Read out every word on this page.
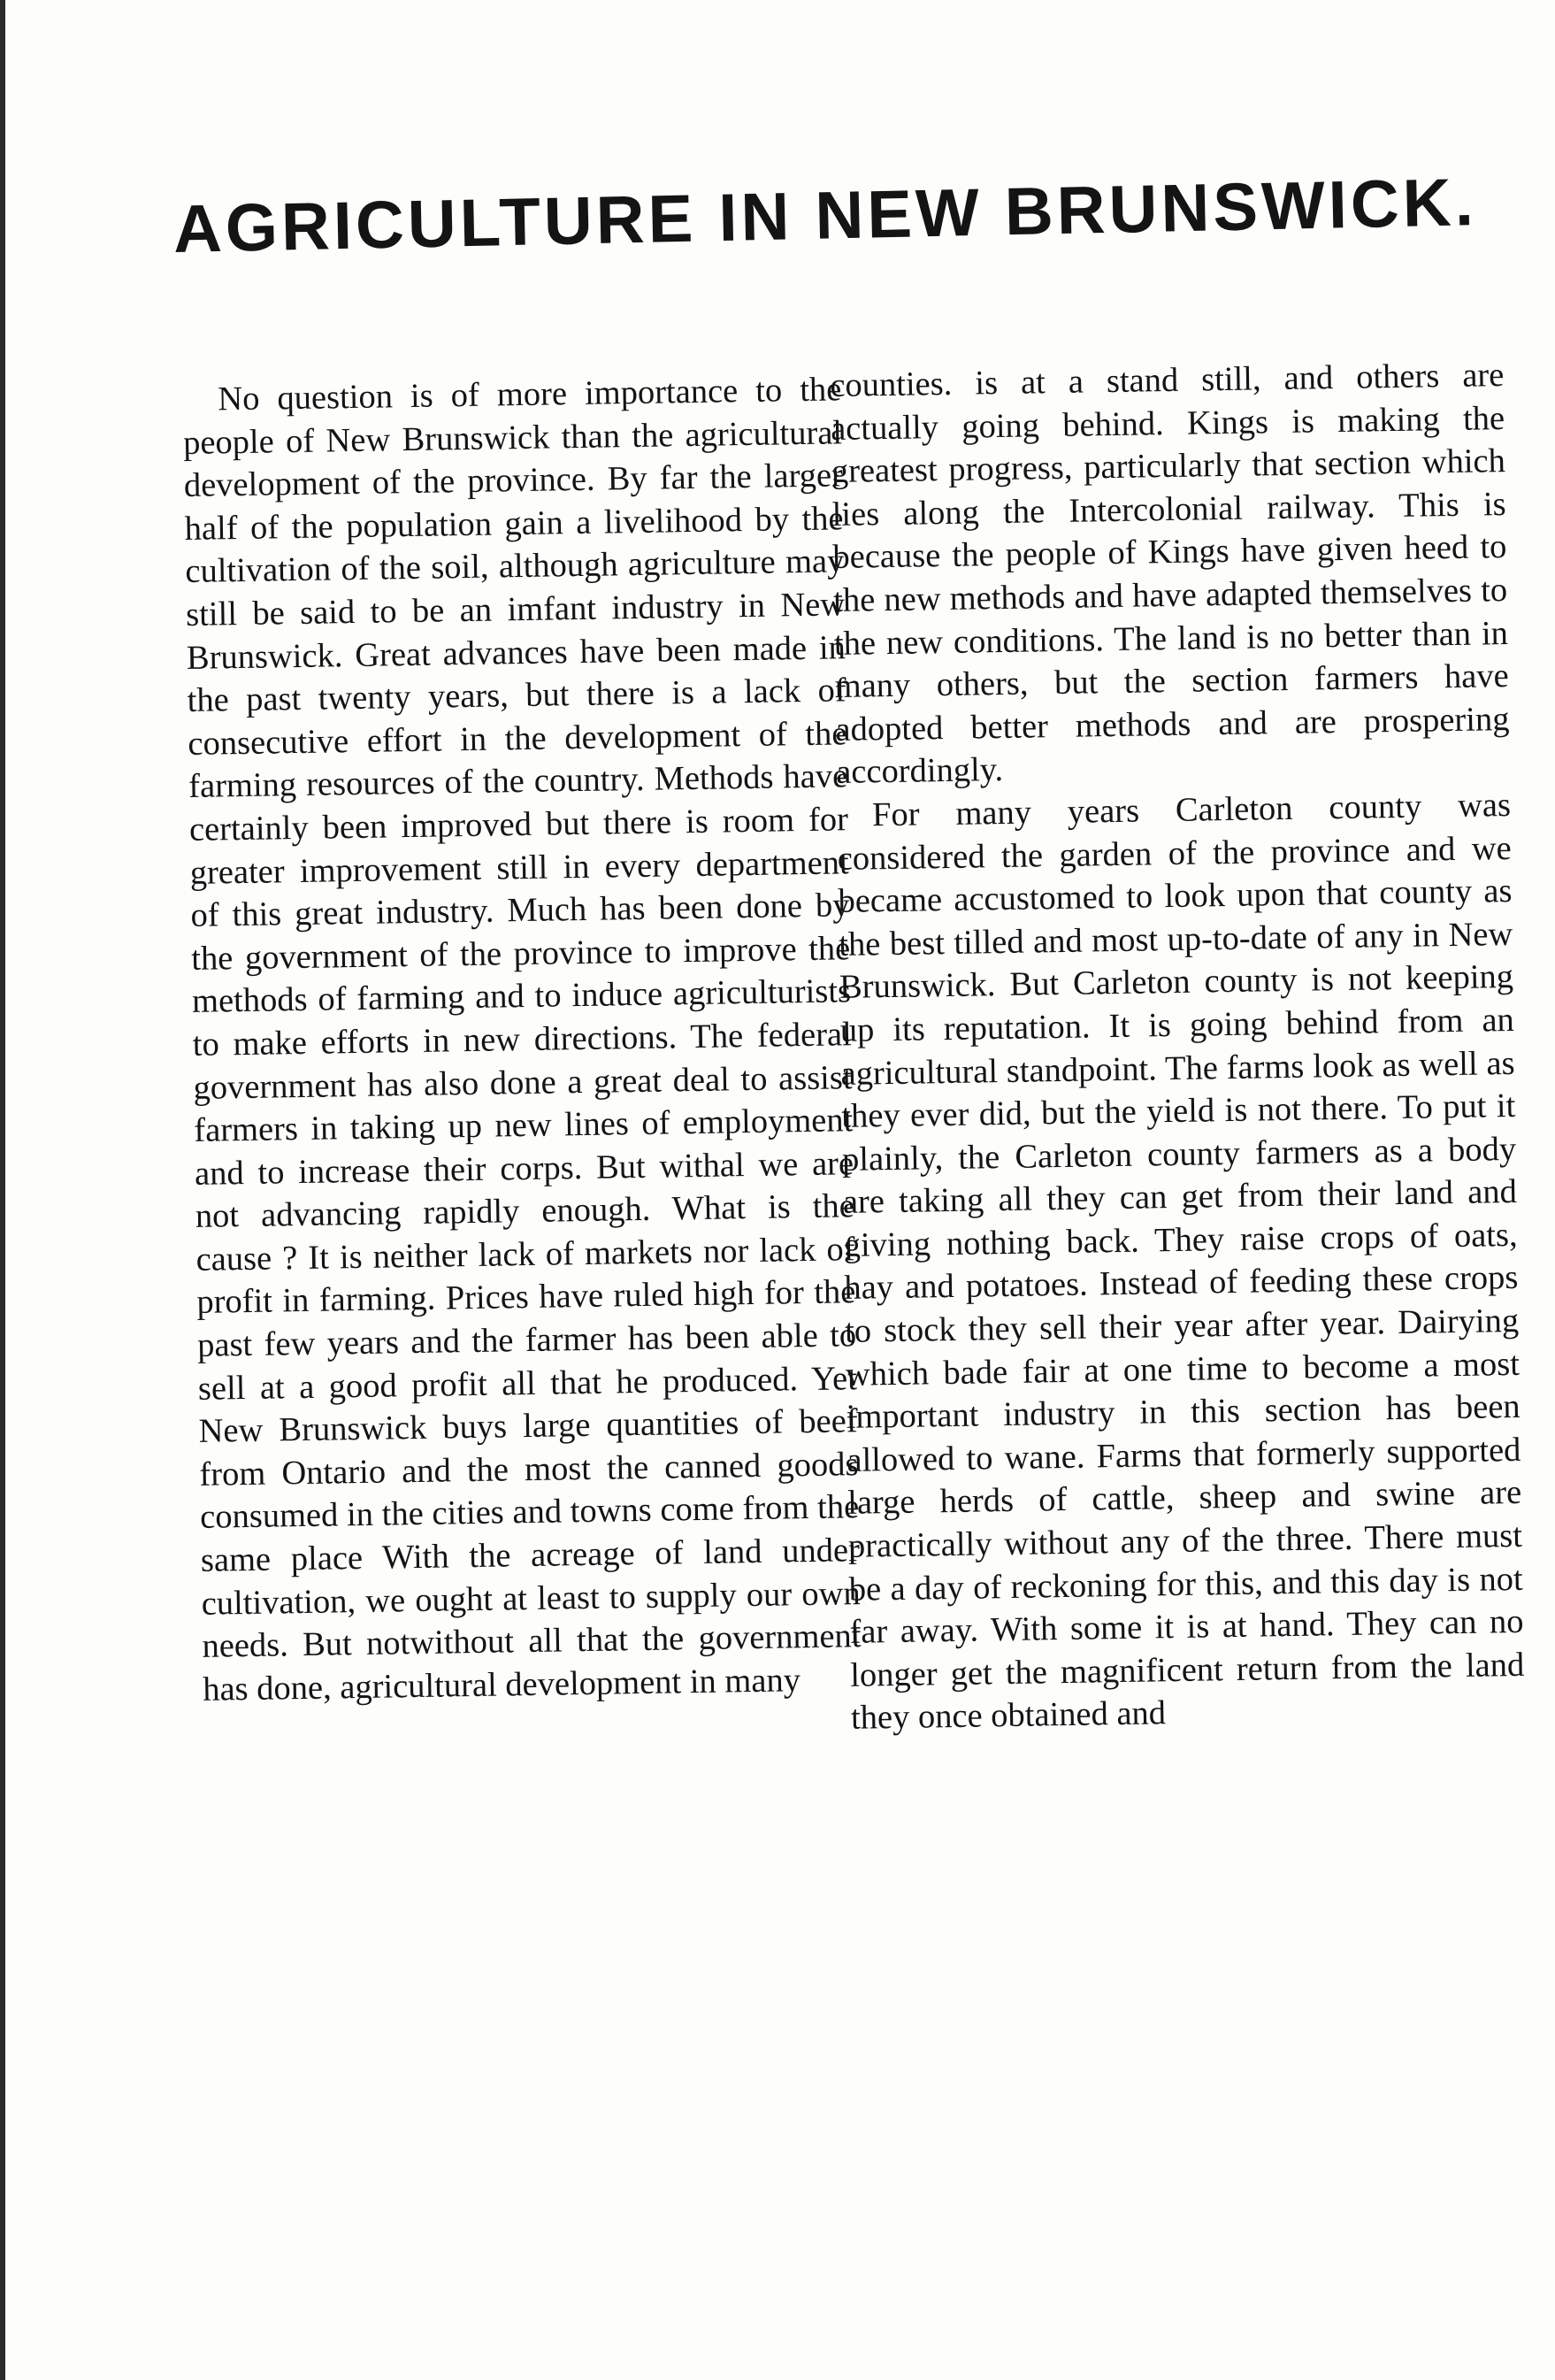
AGRICULTURE IN NEW BRUNSWICK.

No question is of more importance to the people of New Brunswick than the agricultural development of the province. By far the larger half of the population gain a livelihood by the cultivation of the soil, although agriculture may still be said to be an imfant industry in New Brunswick. Great advances have been made in the past twenty years, but there is a lack of consecutive effort in the development of the farming resources of the country. Methods have certainly been improved but there is room for greater improvement still in every department of this great industry. Much has been done by the government of the province to improve the methods of farming and to induce agriculturists to make efforts in new directions. The federal government has also done a great deal to assist farmers in taking up new lines of employment and to increase their corps. But withal we are not advancing rapidly enough. What is the cause ? It is neither lack of markets nor lack of profit in farming. Prices have ruled high for the past few years and the farmer has been able to sell at a good profit all that he produced. Yet New Brunswick buys large quantities of beef from Ontario and the most the canned goods consumed in the cities and towns come from the same place With the acreage of land under cultivation, we ought at least to supply our own needs. But notwithout all that the government has done, agricultural development in many

counties. is at a stand still, and others are actually going behind. Kings is making the greatest progress, particularly that section which lies along the Intercolonial railway. This is because the people of Kings have given heed to the new methods and have adapted themselves to the new conditions. The land is no better than in many others, but the section farmers have adopted better methods and are prospering accordingly.

For many years Carleton county was considered the garden of the province and we became accustomed to look upon that county as the best tilled and most up-to-date of any in New Brunswick. But Carleton county is not keeping up its reputation. It is going behind from an agricultural standpoint. The farms look as well as they ever did, but the yield is not there. To put it plainly, the Carleton county farmers as a body are taking all they can get from their land and giving nothing back. They raise crops of oats, hay and potatoes. Instead of feeding these crops to stock they sell their year after year. Dairying which bade fair at one time to become a most important industry in this section has been allowed to wane. Farms that formerly supported large herds of cattle, sheep and swine are practically without any of the three. There must be a day of reckoning for this, and this day is not far away. With some it is at hand. They can no longer get the magnificent return from the land they once obtained and
